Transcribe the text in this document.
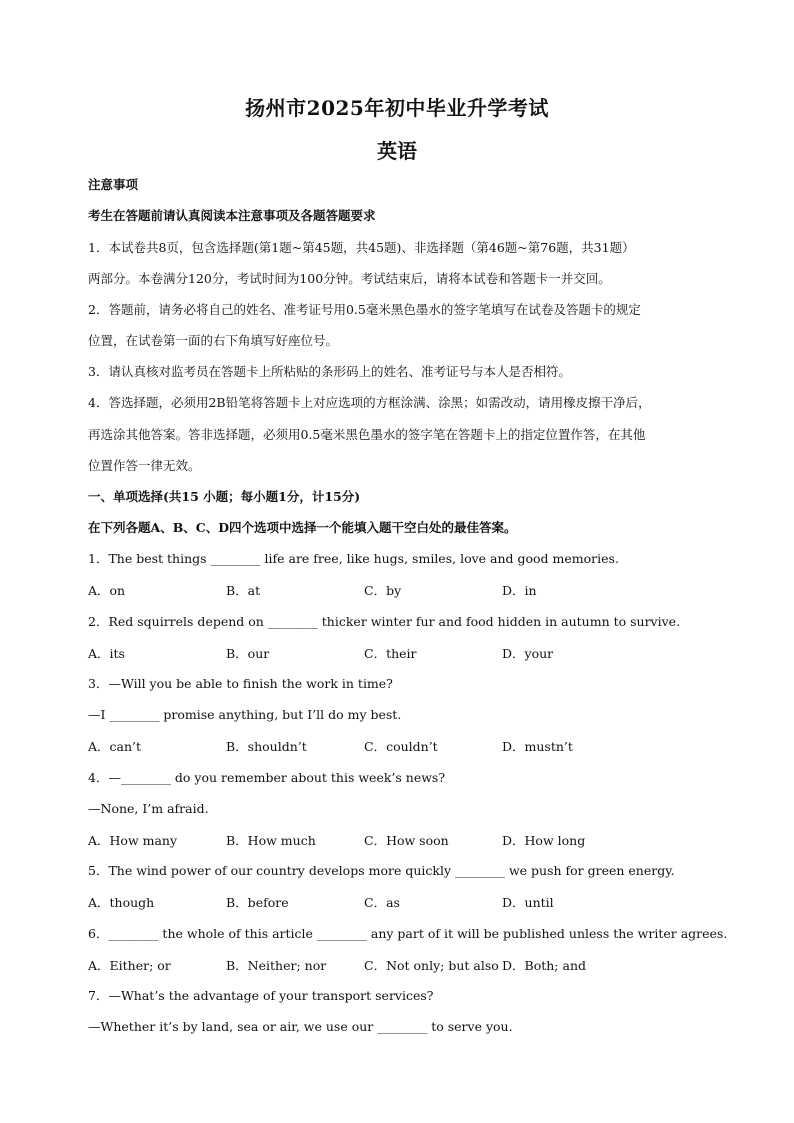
扬州市2025年初中毕业升学考试
英语
注意事项
考生在答题前请认真阅读本注意事项及各题答题要求
1．本试卷共8页，包含选择题(第1题~第45题，共45题)、非选择题（第46题~第76题，共31题）
两部分。本卷满分120分，考试时间为100分钟。考试结束后，请将本试卷和答题卡一并交回。
2．答题前，请务必将自己的姓名、准考证号用0.5毫米黑色墨水的签字笔填写在试卷及答题卡的规定
位置，在试卷第一面的右下角填写好座位号。
3．请认真核对监考员在答题卡上所粘贴的条形码上的姓名、准考证号与本人是否相符。
4．答选择题，必须用2B铅笔将答题卡上对应选项的方框涂满、涂黑；如需改动，请用橡皮擦干净后，
再选涂其他答案。答非选择题，必须用0.5毫米黑色墨水的签字笔在答题卡上的指定位置作答，在其他
位置作答一律无效。
一、单项选择(共15 小题；每小题1分，计15分)
在下列各题A、B、C、D四个选项中选择一个能填入题干空白处的最佳答案。
1．The best things ________ life are free, like hugs, smiles, love and good memories.
A．on	B．at	C．by	D．in
2．Red squirrels depend on ________ thicker winter fur and food hidden in autumn to survive.
A．its	B．our	C．their	D．your
3．—Will you be able to finish the work in time?
—I ________ promise anything, but I’ll do my best.
A．can’t	B．shouldn’t	C．couldn’t	D．mustn’t
4．—________ do you remember about this week’s news?
—None, I’m afraid.
A．How many	B．How much	C．How soon	D．How long
5．The wind power of our country develops more quickly ________ we push for green energy.
A．though	B．before	C．as	D．until
6．________ the whole of this article ________ any part of it will be published unless the writer agrees.
A．Either; or	B．Neither; nor	C．Not only; but also D．Both; and
7．—What’s the advantage of your transport services?
—Whether it’s by land, sea or air, we use our ________ to serve you.
